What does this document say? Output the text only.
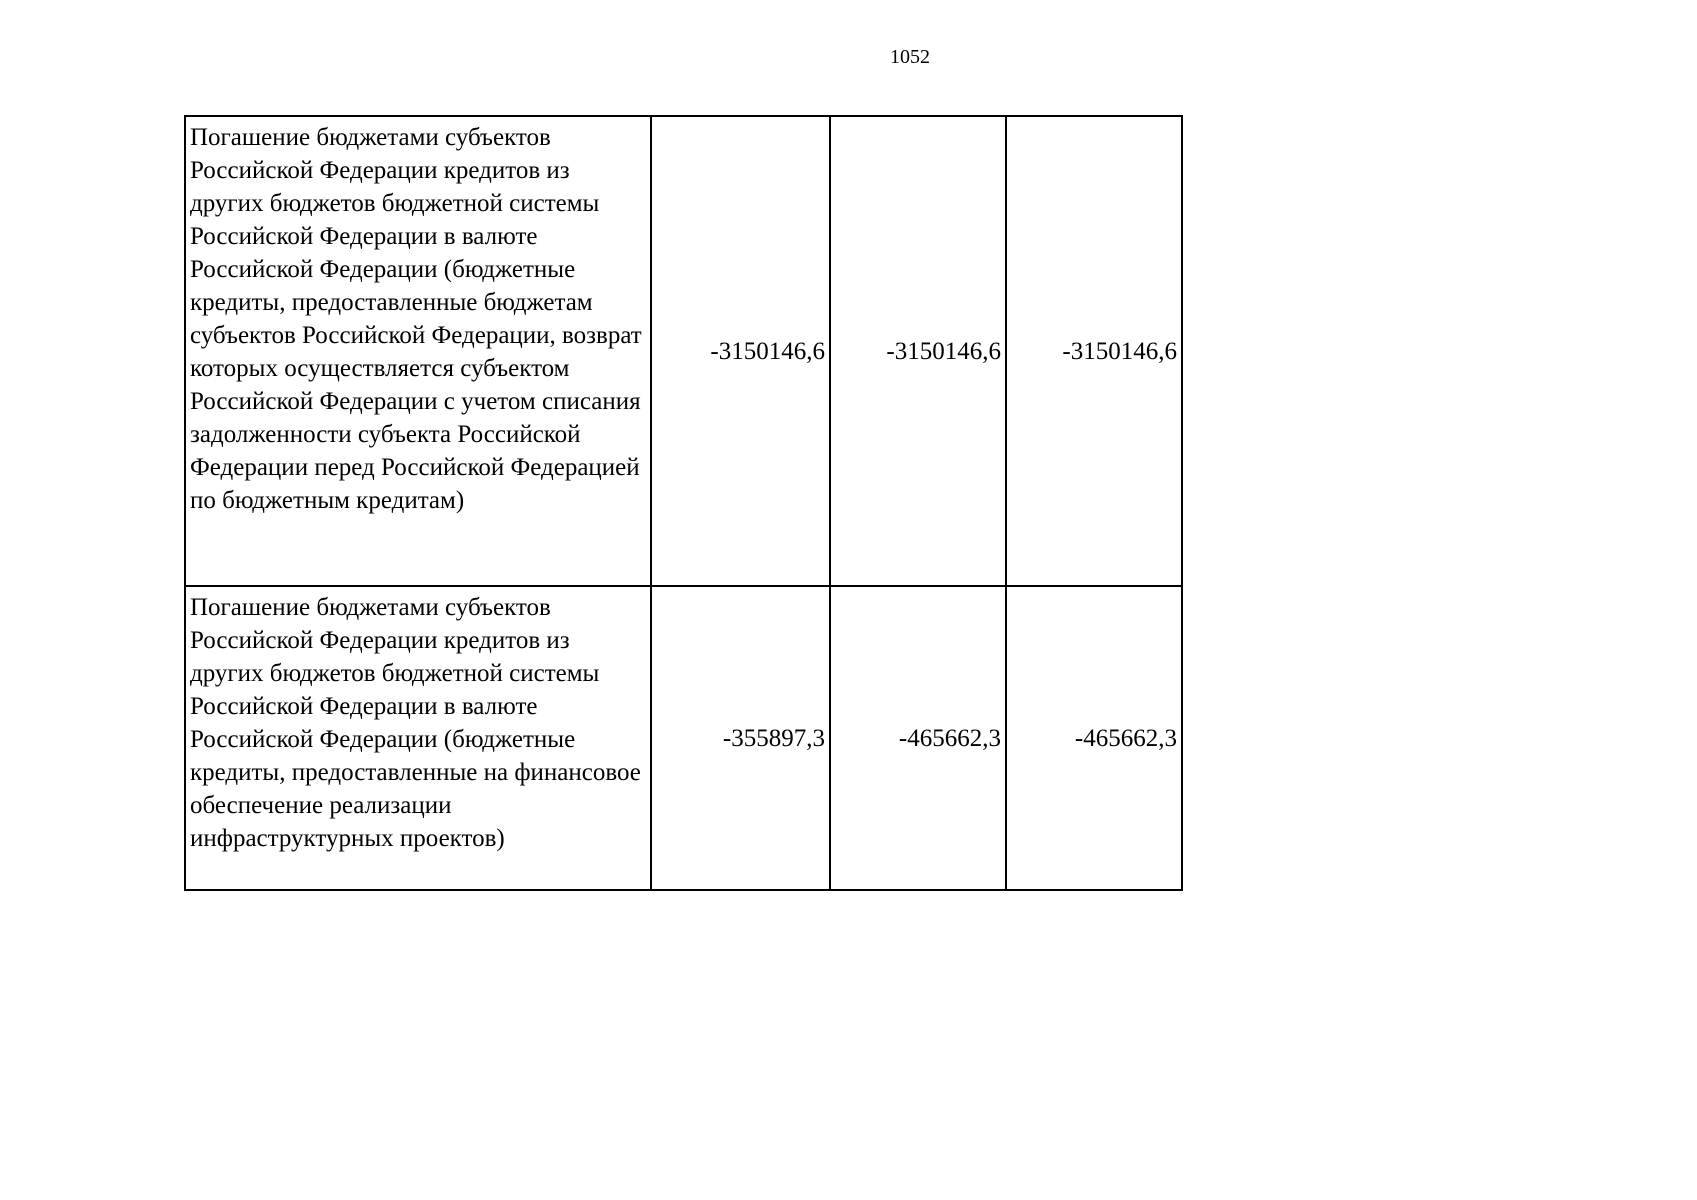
1052
Погашение бюджетами субъектов Российской Федерации кредитов из других бюджетов бюджетной системы Российской Федерации в валюте Российской Федерации (бюджетные кредиты, предоставленные бюджетам субъектов Российской Федерации, возврат которых осуществляется субъектом Российской Федерации с учетом списания задолженности субъекта Российской Федерации перед Российской Федерацией по бюджетным кредитам)	-3150146,6	-3150146,6	-3150146,6
Погашение бюджетами субъектов Российской Федерации кредитов из других бюджетов бюджетной системы Российской Федерации в валюте Российской Федерации (бюджетные кредиты, предоставленные на финансовое обеспечение реализации инфраструктурных проектов)	-355897,3	-465662,3	-465662,3
